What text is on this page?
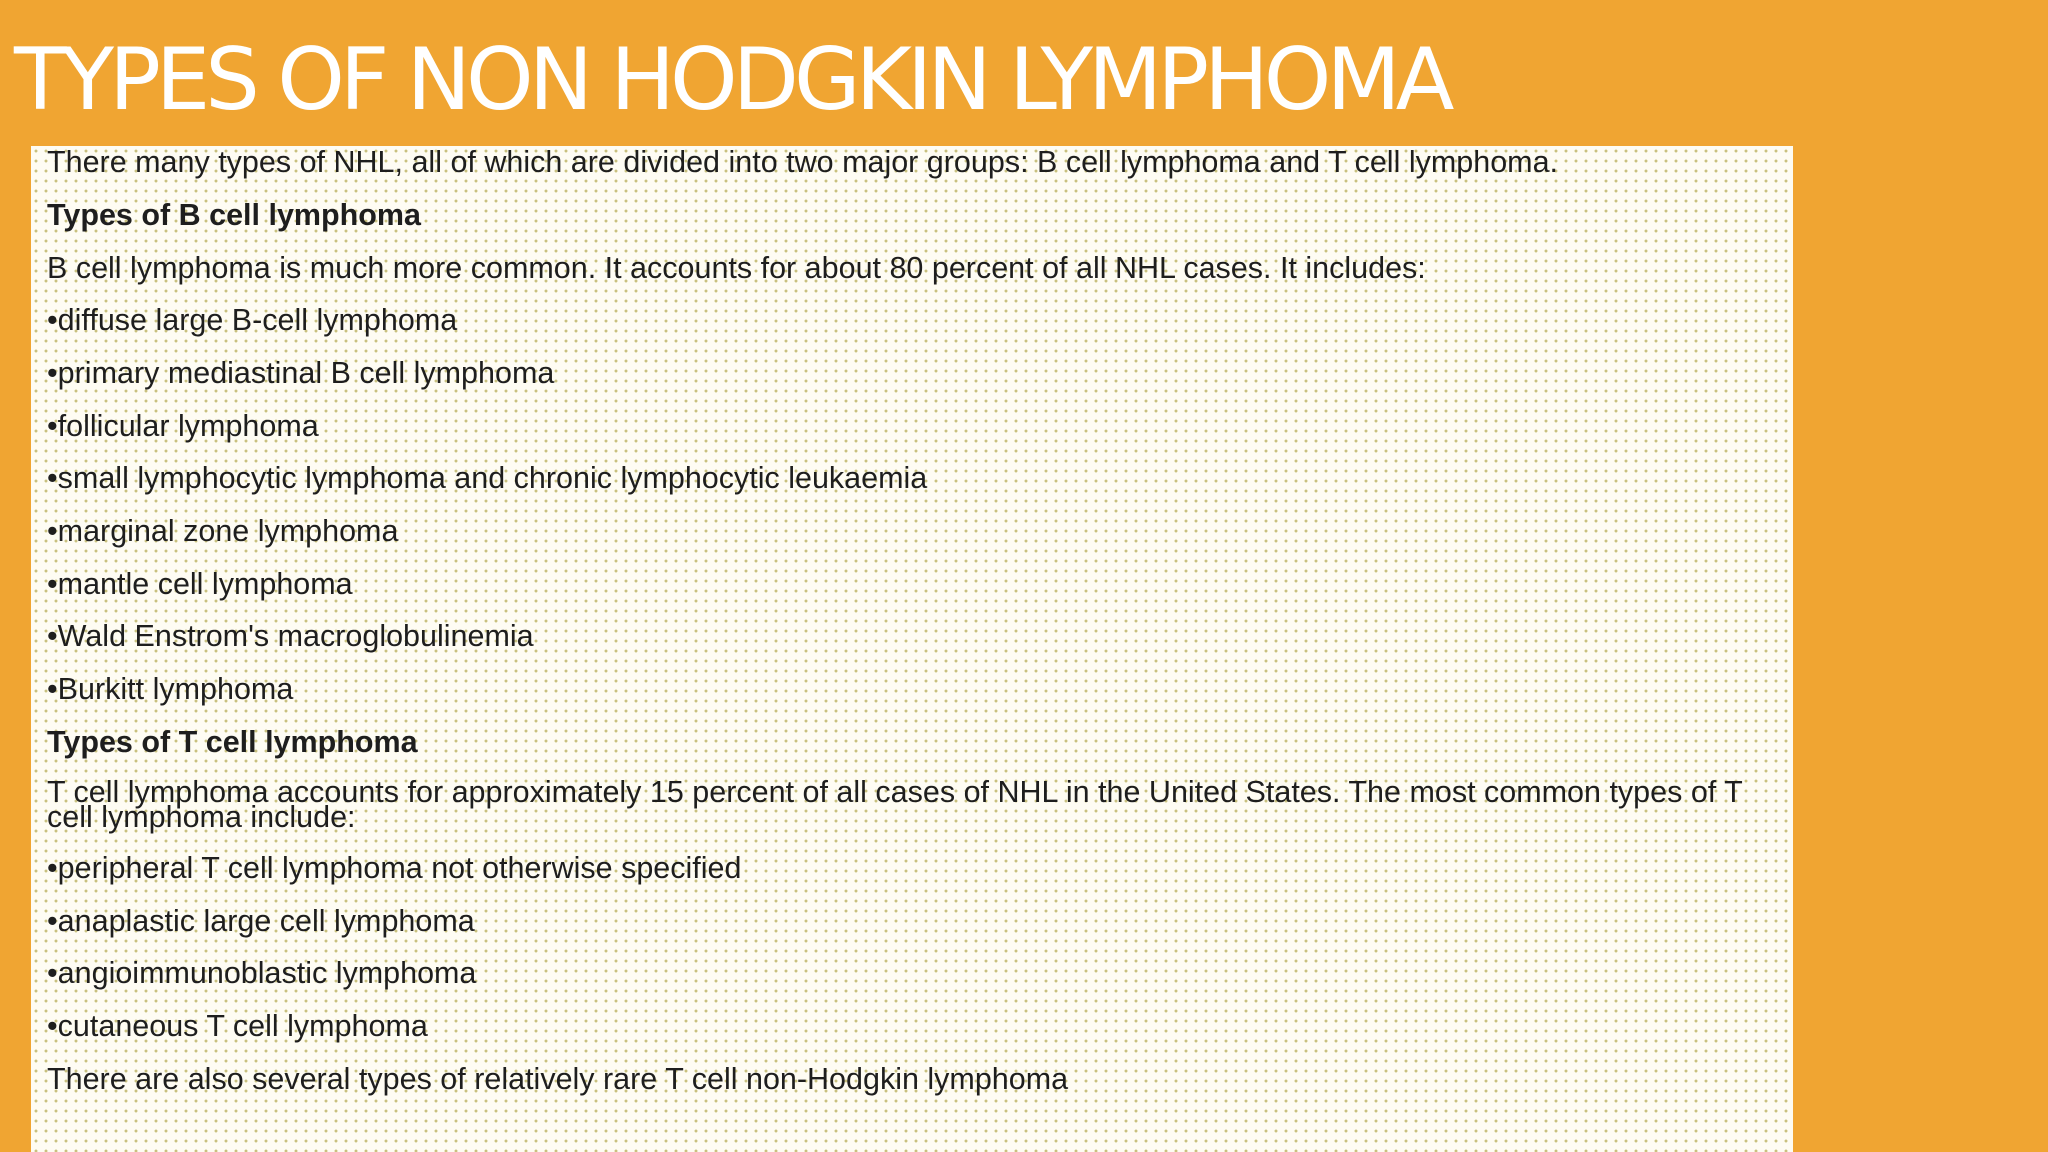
TYPES OF NON HODGKIN LYMPHOMA

There many types of NHL, all of which are divided into two major groups: B cell lymphoma and T cell lymphoma.

Types of B cell lymphoma

B cell lymphoma is much more common. It accounts for about 80 percent of all NHL cases. It includes:

•diffuse large B-cell lymphoma

•primary mediastinal B cell lymphoma

•follicular lymphoma

•small lymphocytic lymphoma and chronic lymphocytic leukaemia

•marginal zone lymphoma

•mantle cell lymphoma

•Wald Enstrom's macroglobulinemia

•Burkitt lymphoma

Types of T cell lymphoma

T cell lymphoma accounts for approximately 15 percent of all cases of NHL in the United States. The most common types of T cell lymphoma include:

•peripheral T cell lymphoma not otherwise specified

•anaplastic large cell lymphoma

•angioimmunoblastic lymphoma

•cutaneous T cell lymphoma

There are also several types of relatively rare T cell non-Hodgkin lymphoma
